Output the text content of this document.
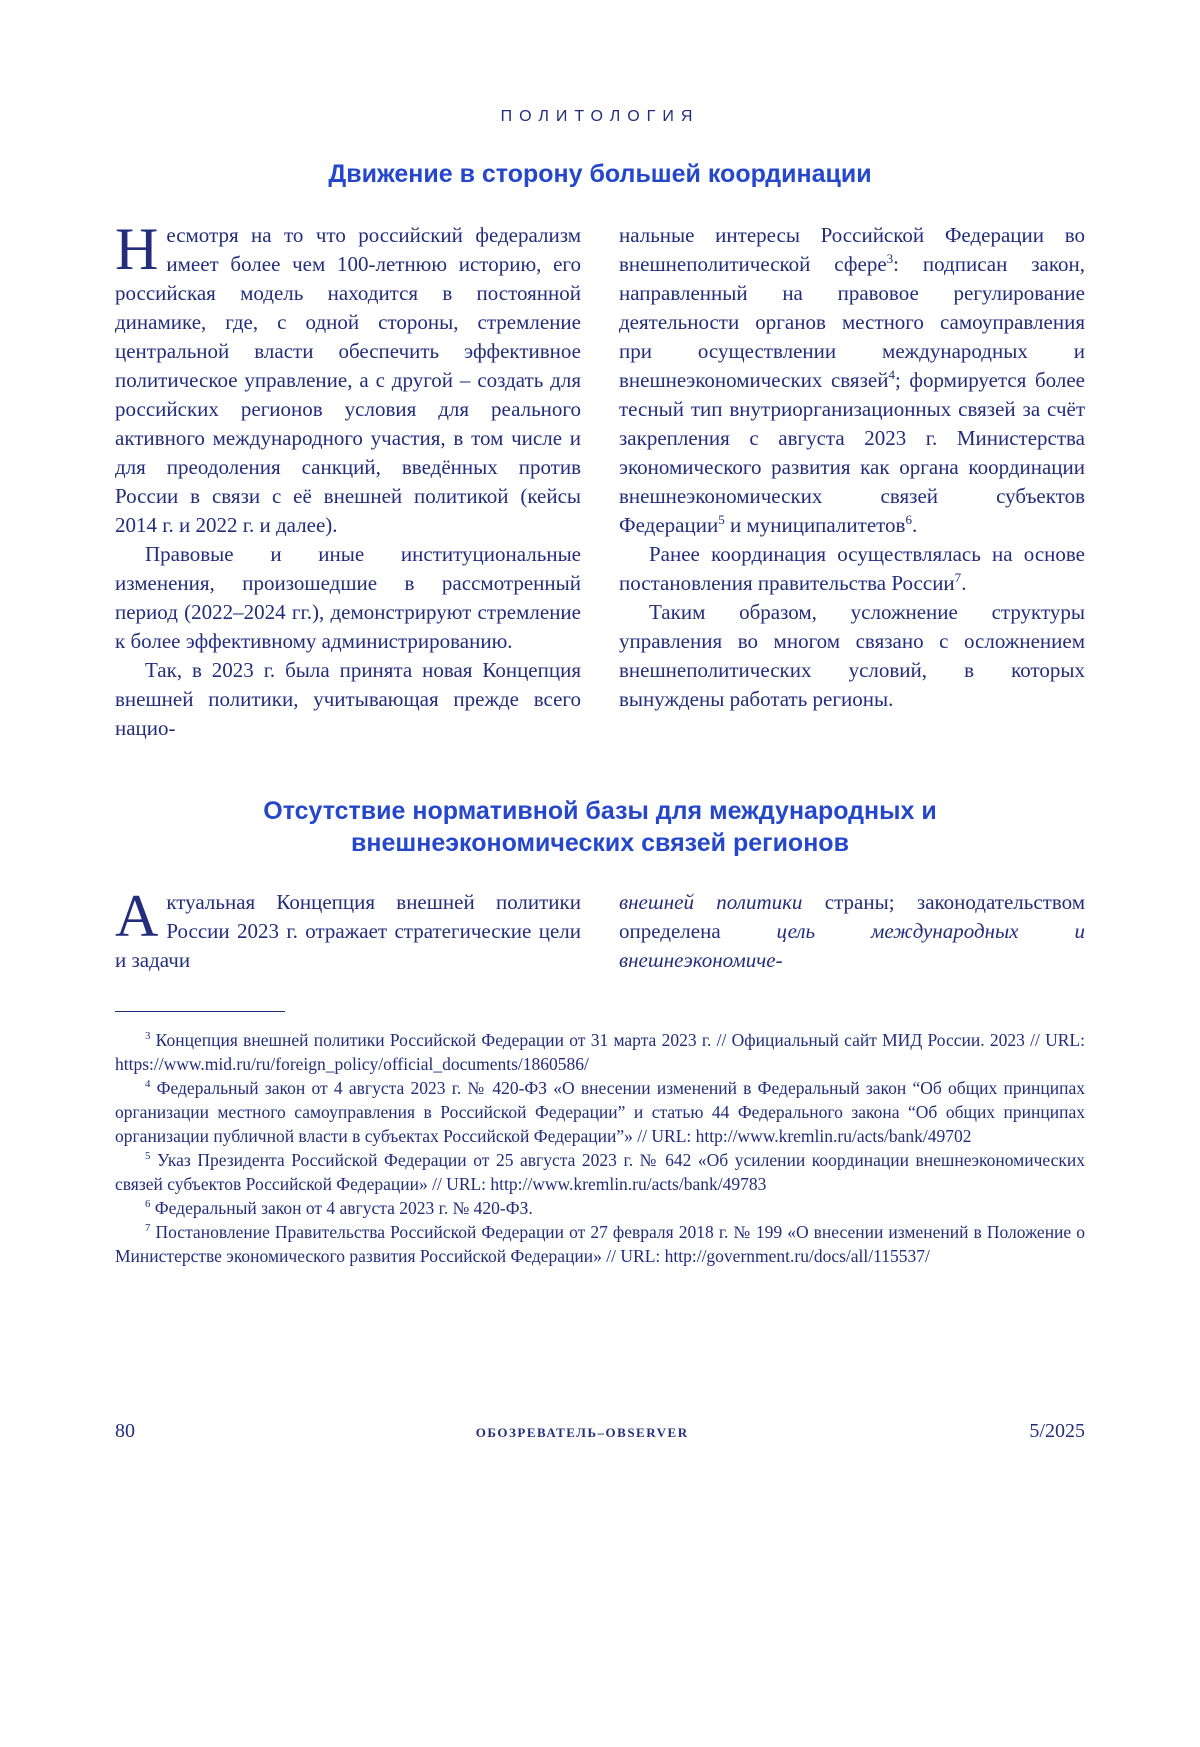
ПОЛИТОЛОГИЯ
Движение в сторону большей координации

Несмотря на то что российский федерализм имеет более чем 100-летнюю историю, его российская модель находится в постоянной динамике, где, с одной стороны, стремление центральной власти обеспечить эффективное политическое управление, а с другой – создать для российских регионов условия для реального активного международного участия, в том числе и для преодоления санкций, введённых против России в связи с её внешней политикой (кейсы 2014 г. и 2022 г. и далее).

Правовые и иные институциональные изменения, произошедшие в рассмотренный период (2022–2024 гг.), демонстрируют стремление к более эффективному администрированию.

Так, в 2023 г. была принята новая Концепция внешней политики, учитывающая прежде всего нацио-

нальные интересы Российской Федерации во внешнеполитической сфере$^3$: подписан закон, направленный на правовое регулирование деятельности органов местного самоуправления при осуществлении международных и внешнеэкономических связей$^4$; формируется более тесный тип внутриорганизационных связей за счёт закрепления с августа 2023 г. Министерства экономического развития как органа координации внешнеэкономических связей субъектов Федерации$^5$ и муниципалитетов$^6$.

Ранее координация осуществлялась на основе постановления правительства России$^7$.

Таким образом, усложнение структуры управления во многом связано с осложнением внешнеполитических условий, в которых вынуждены работать регионы.

Отсутствие нормативной базы для международных и внешнеэкономических связей регионов

Актуальная Концепция внешней политики России 2023 г. отражает стратегические цели и задачи

внешней политики страны; законодательством определена цель международных и внешнеэкономиче-

$^3$ Концепция внешней политики Российской Федерации от 31 марта 2023 г. // Официальный сайт МИД России. 2023 // URL: https://www.mid.ru/ru/foreign_policy/official_documents/1860586/

$^4$ Федеральный закон от 4 августа 2023 г. № 420-ФЗ «О внесении изменений в Федеральный закон “Об общих принципах организации местного самоуправления в Российской Федерации” и статью 44 Федерального закона “Об общих принципах организации публичной власти в субъектах Российской Федерации”» // URL: http://www.kremlin.ru/acts/bank/49702

$^5$ Указ Президента Российской Федерации от 25 августа 2023 г. № 642 «Об усилении координации внешнеэкономических связей субъектов Российской Федерации» // URL: http://www.kremlin.ru/acts/bank/49783

$^6$ Федеральный закон от 4 августа 2023 г. № 420-ФЗ.

$^7$ Постановление Правительства Российской Федерации от 27 февраля 2018 г. № 199 «О внесении изменений в Положение о Министерстве экономического развития Российской Федерации» // URL: http://government.ru/docs/all/115537/

80	ОБОЗРЕВАТЕЛЬ–OBSERVER	5/2025
